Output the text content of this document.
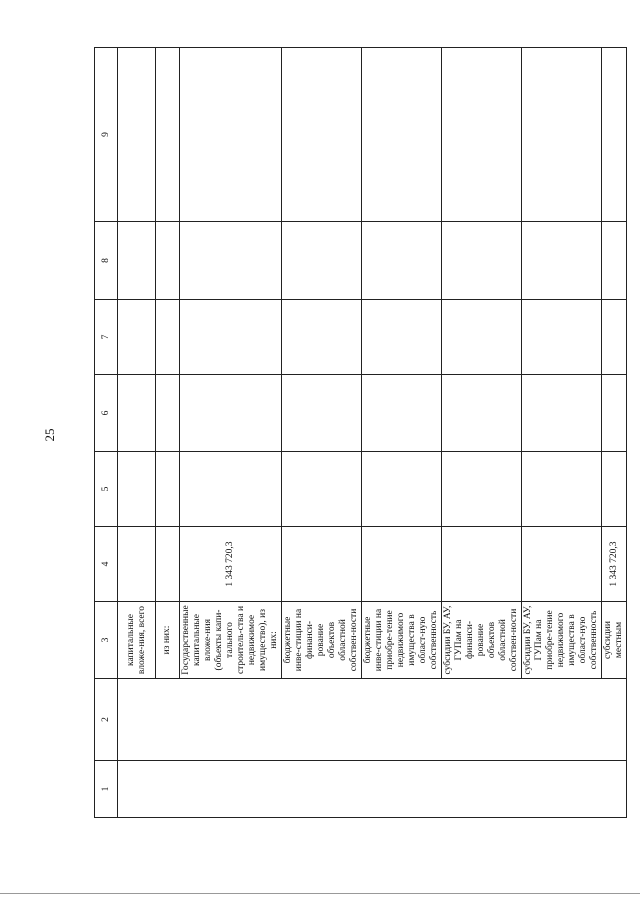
25
1	2	3	4	5	6	7	8	9
		капитальные вложе-ния, всего						
		из них:						
		Государственные капитальные вложе-ния (объекты капи-тального строитель-ства и недвижимое имущество), из них:	1 343 720,3					
		бюджетные инве-стиции на финанси-рование объектов областной собствен-ности						
		бюджетные инве-стиции на приобре-тение недвижимого имущества в област-ную собственность						
		субсидии БУ, АУ, ГУПам на финанси-рование объектов областной собствен-ности						
		субсидии БУ, АУ, ГУПам на приобре-тение недвижимого имущества в област-ную собственность						
		субсидии местным	1 343 720,3					
